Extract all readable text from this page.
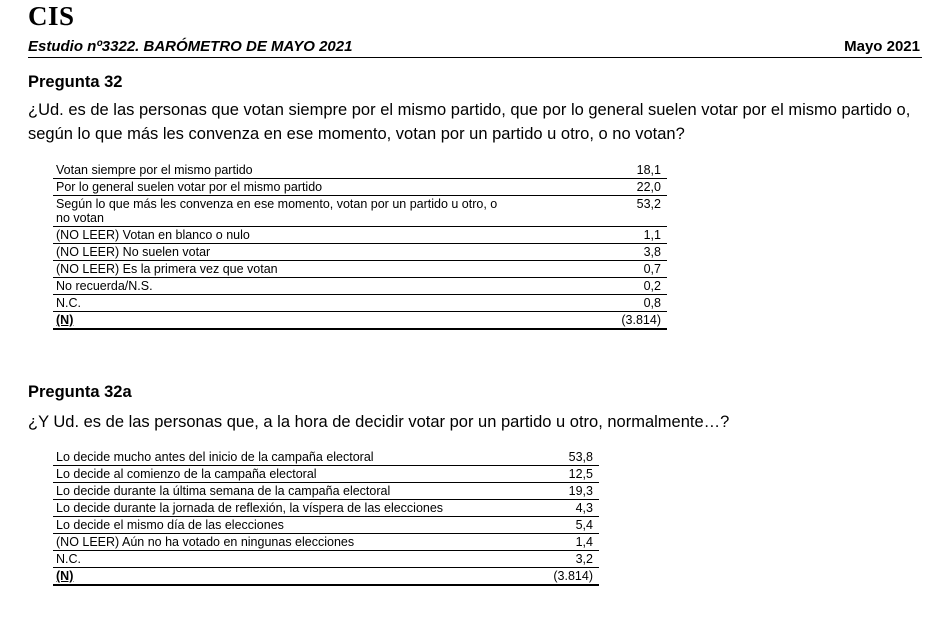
CIS
Estudio nº3322. BARÓMETRO DE MAYO 2021	Mayo 2021
Pregunta 32
¿Ud. es de las personas que votan siempre por el mismo partido, que por lo general suelen votar por el mismo partido o, según lo que más les convenza en ese momento, votan por un partido u otro, o no votan?
Votan siempre por el mismo partido	18,1
Por lo general suelen votar por el mismo partido	22,0
Según lo que más les convenza en ese momento, votan por un partido u otro, o no votan	53,2
(NO LEER) Votan en blanco o nulo	1,1
(NO LEER) No suelen votar	3,8
(NO LEER) Es la primera vez que votan	0,7
No recuerda/N.S.	0,2
N.C.	0,8
(N)	(3.814)
Pregunta 32a
¿Y Ud. es de las personas que, a la hora de decidir votar por un partido u otro, normalmente…?
Lo decide mucho antes del inicio de la campaña electoral	53,8
Lo decide al comienzo de la campaña electoral	12,5
Lo decide durante la última semana de la campaña electoral	19,3
Lo decide durante la jornada de reflexión, la víspera de las elecciones	4,3
Lo decide el mismo día de las elecciones	5,4
(NO LEER) Aún no ha votado en ningunas elecciones	1,4
N.C.	3,2
(N)	(3.814)
